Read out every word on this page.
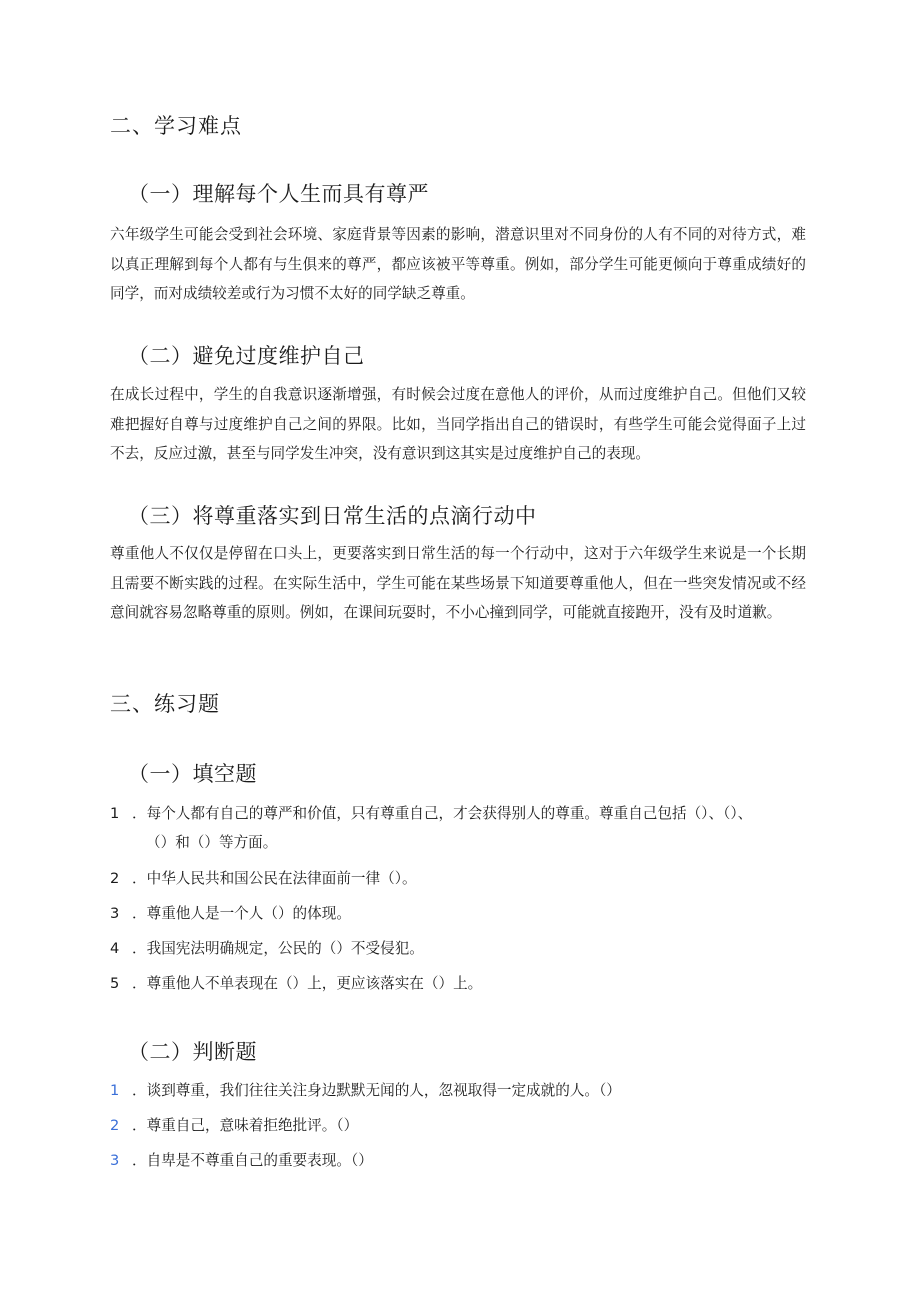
二、学习难点
（一）理解每个人生而具有尊严

六年级学生可能会受到社会环境、家庭背景等因素的影响，潜意识里对不同身份的人有不同的对待方式，难以真正理解到每个人都有与生俱来的尊严，都应该被平等尊重。例如，部分学生可能更倾向于尊重成绩好的同学，而对成绩较差或行为习惯不太好的同学缺乏尊重。

（二）避免过度维护自己

在成长过程中，学生的自我意识逐渐增强，有时候会过度在意他人的评价，从而过度维护自己。但他们又较难把握好自尊与过度维护自己之间的界限。比如，当同学指出自己的错误时，有些学生可能会觉得面子上过不去，反应过激，甚至与同学发生冲突，没有意识到这其实是过度维护自己的表现。

（三）将尊重落实到日常生活的点滴行动中

尊重他人不仅仅是停留在口头上，更要落实到日常生活的每一个行动中，这对于六年级学生来说是一个长期且需要不断实践的过程。在实际生活中，学生可能在某些场景下知道要尊重他人，但在一些突发情况或不经意间就容易忽略尊重的原则。例如，在课间玩耍时，不小心撞到同学，可能就直接跑开，没有及时道歉。

三、练习题
（一）填空题
1 ．每个人都有自己的尊严和价值，只有尊重自己，才会获得别人的尊重。尊重自己包括（）、（）、
（）和（）等方面。
2 ．中华人民共和国公民在法律面前一律（）。
3 ．尊重他人是一个人（）的体现。
4 ．我国宪法明确规定，公民的（）不受侵犯。
5 ．尊重他人不单表现在（）上，更应该落实在（）上。
（二）判断题
1 ．谈到尊重，我们往往关注身边默默无闻的人，忽视取得一定成就的人。（）
2 ．尊重自己，意味着拒绝批评。（）
3 ．自卑是不尊重自己的重要表现。（）
